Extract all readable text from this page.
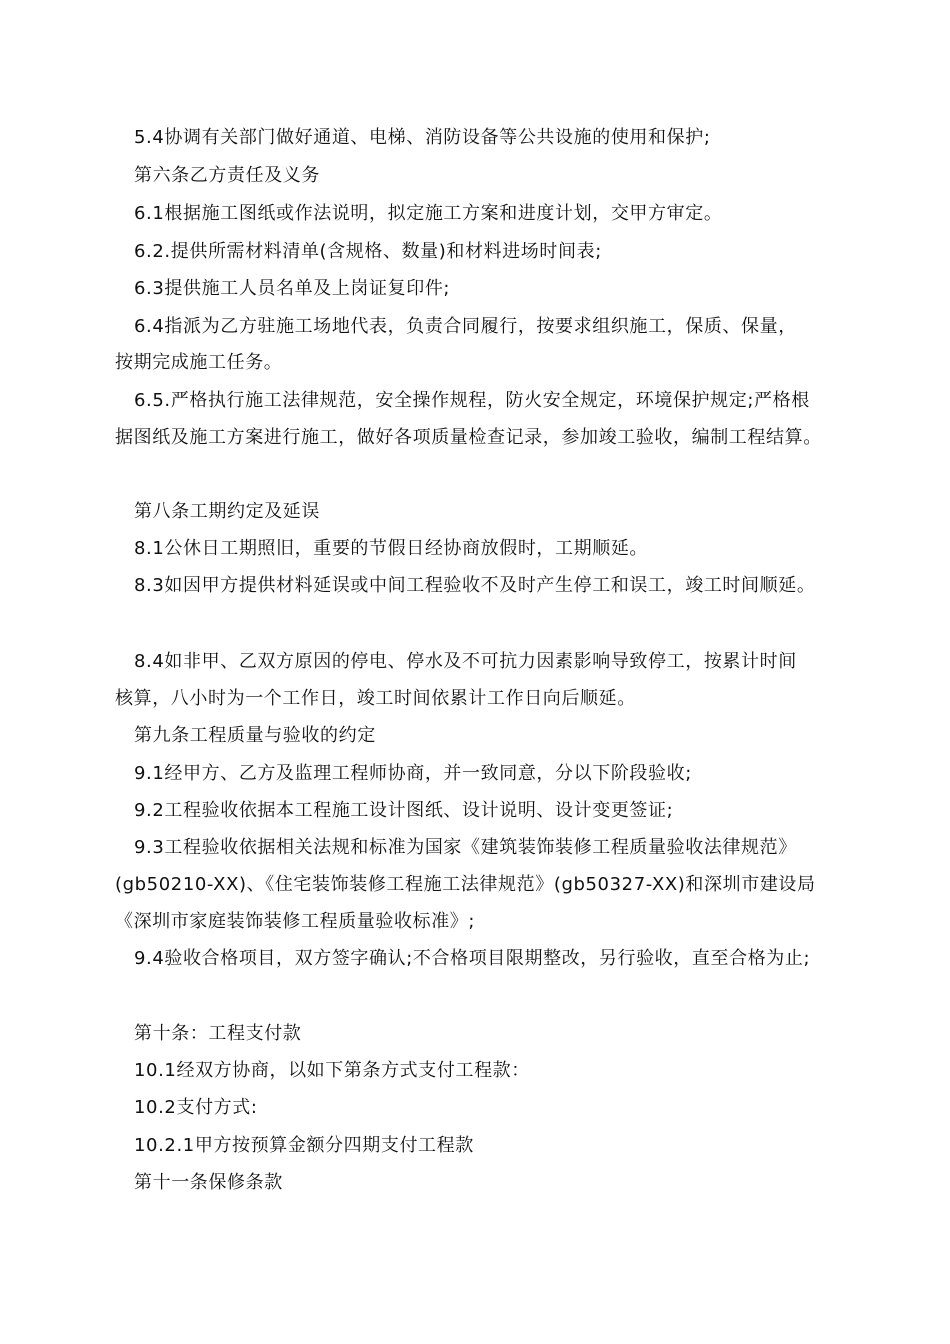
5.4协调有关部门做好通道、电梯、消防设备等公共设施的使用和保护;
第六条乙方责任及义务
6.1根据施工图纸或作法说明，拟定施工方案和进度计划，交甲方审定。
6.2.提供所需材料清单(含规格、数量)和材料进场时间表;
6.3提供施工人员名单及上岗证复印件;
6.4指派为乙方驻施工场地代表，负责合同履行，按要求组织施工，保质、保量，
按期完成施工任务。
6.5.严格执行施工法律规范，安全操作规程，防火安全规定，环境保护规定;严格根
据图纸及施工方案进行施工，做好各项质量检查记录，参加竣工验收，编制工程结算。
第八条工期约定及延误
8.1公休日工期照旧，重要的节假日经协商放假时，工期顺延。
8.3如因甲方提供材料延误或中间工程验收不及时产生停工和误工，竣工时间顺延。
8.4如非甲、乙双方原因的停电、停水及不可抗力因素影响导致停工，按累计时间
核算，八小时为一个工作日，竣工时间依累计工作日向后顺延。
第九条工程质量与验收的约定
9.1经甲方、乙方及监理工程师协商，并一致同意，分以下阶段验收;
9.2工程验收依据本工程施工设计图纸、设计说明、设计变更签证;
9.3工程验收依据相关法规和标准为国家《建筑装饰装修工程质量验收法律规范》
(gb50210-XX)、《住宅装饰装修工程施工法律规范》(gb50327-XX)和深圳市建设局
《深圳市家庭装饰装修工程质量验收标准》;
9.4验收合格项目，双方签字确认;不合格项目限期整改，另行验收，直至合格为止;
第十条：工程支付款
10.1经双方协商，以如下第条方式支付工程款：
10.2支付方式:
10.2.1甲方按预算金额分四期支付工程款
第十一条保修条款
